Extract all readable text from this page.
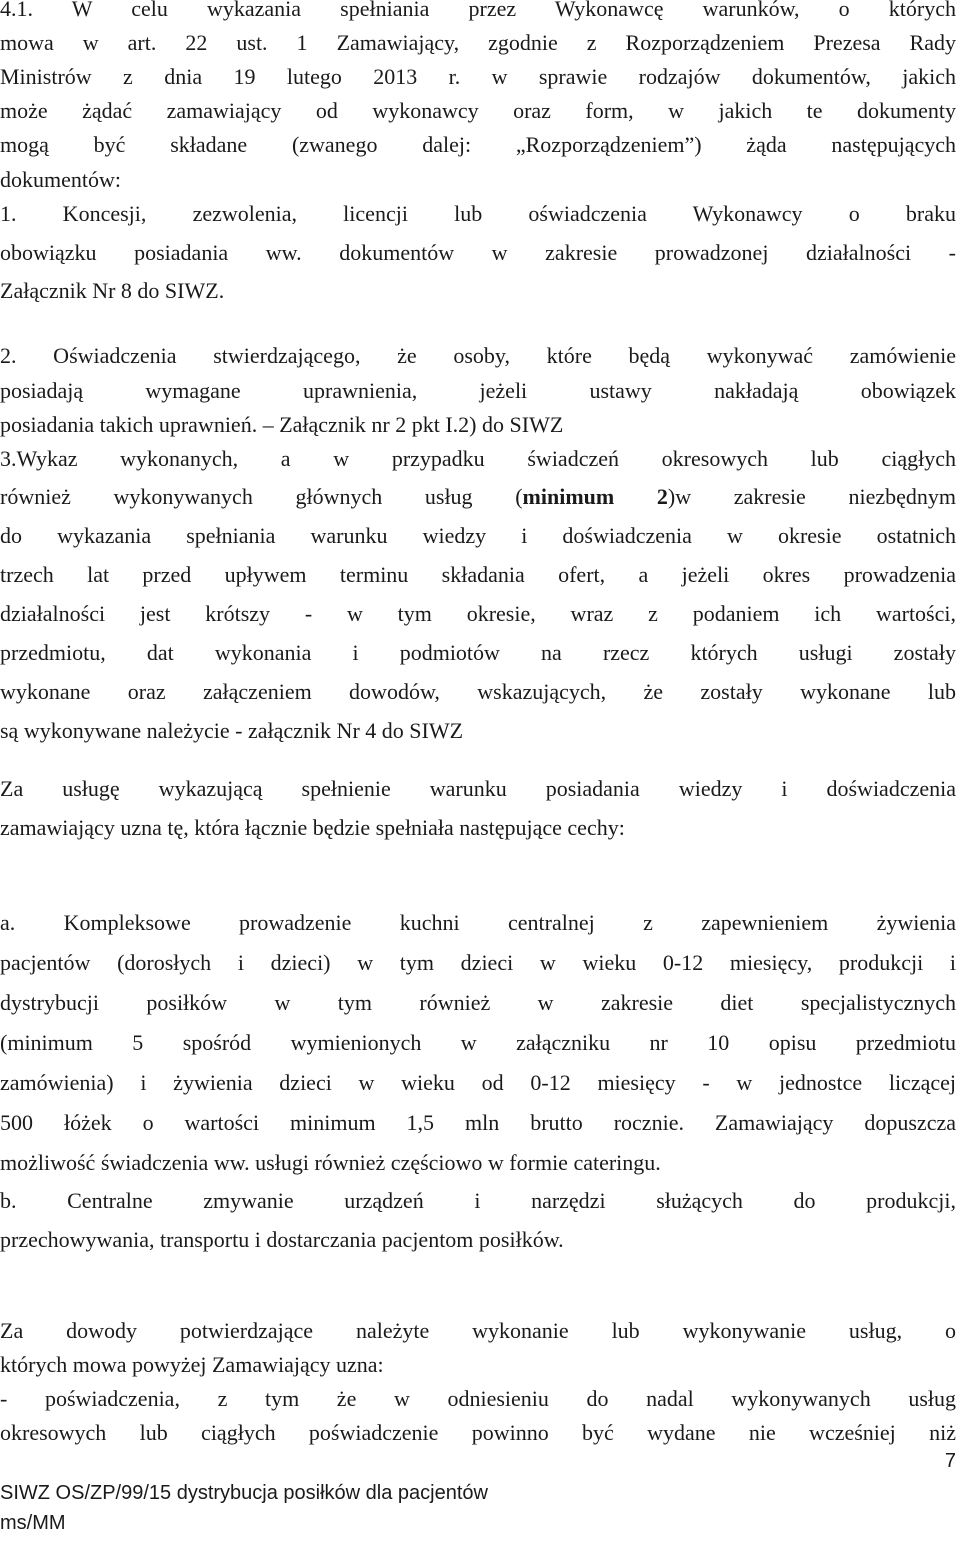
4.1. W celu wykazania spełniania przez Wykonawcę warunków, o których

mowa w art. 22 ust. 1 Zamawiający, zgodnie z Rozporządzeniem Prezesa Rady

Ministrów z dnia 19 lutego 2013 r. w sprawie rodzajów dokumentów, jakich

może żądać zamawiający od wykonawcy oraz form, w jakich te dokumenty

mogą być składane (zwanego dalej: „Rozporządzeniem”) żąda następujących

dokumentów:

1. Koncesji, zezwolenia, licencji lub oświadczenia Wykonawcy o braku

obowiązku posiadania ww. dokumentów w zakresie prowadzonej działalności -

Załącznik Nr 8 do SIWZ.

2. Oświadczenia stwierdzającego, że osoby, które będą wykonywać zamówienie

posiadają wymagane uprawnienia, jeżeli ustawy nakładają obowiązek

posiadania takich uprawnień. – Załącznik nr 2 pkt I.2) do SIWZ

3.Wykaz wykonanych, a w przypadku świadczeń okresowych lub ciągłych

również wykonywanych głównych usług (minimum 2)w zakresie niezbędnym

do wykazania spełniania warunku wiedzy i doświadczenia w okresie ostatnich

trzech lat przed upływem terminu składania ofert, a jeżeli okres prowadzenia

działalności jest krótszy - w tym okresie, wraz z podaniem ich wartości,

przedmiotu, dat wykonania i podmiotów na rzecz których usługi zostały

wykonane oraz załączeniem dowodów, wskazujących, że zostały wykonane lub

są wykonywane należycie - załącznik Nr 4 do SIWZ

Za usługę wykazującą spełnienie warunku posiadania wiedzy i doświadczenia

zamawiający uzna tę, która łącznie będzie spełniała następujące cechy:

a. Kompleksowe prowadzenie kuchni centralnej z zapewnieniem żywienia

pacjentów (dorosłych i dzieci) w tym dzieci w wieku 0-12 miesięcy, produkcji i

dystrybucji posiłków w tym również w zakresie diet specjalistycznych

(minimum 5 spośród wymienionych w załączniku nr 10 opisu przedmiotu

zamówienia) i żywienia dzieci w wieku od 0-12 miesięcy - w jednostce liczącej

500 łóżek o wartości minimum 1,5 mln brutto rocznie. Zamawiający dopuszcza

możliwość świadczenia ww. usługi również częściowo w formie cateringu.

b. Centralne zmywanie urządzeń i narzędzi służących do produkcji,

przechowywania, transportu i dostarczania pacjentom posiłków.

Za dowody potwierdzające należyte wykonanie lub wykonywanie usług, o

których mowa powyżej Zamawiający uzna:

- poświadczenia, z tym że w odniesieniu do nadal wykonywanych usług

okresowych lub ciągłych poświadczenie powinno być wydane nie wcześniej niż

7
SIWZ OS/ZP/99/15 dystrybucja posiłków dla pacjentów
ms/MM
